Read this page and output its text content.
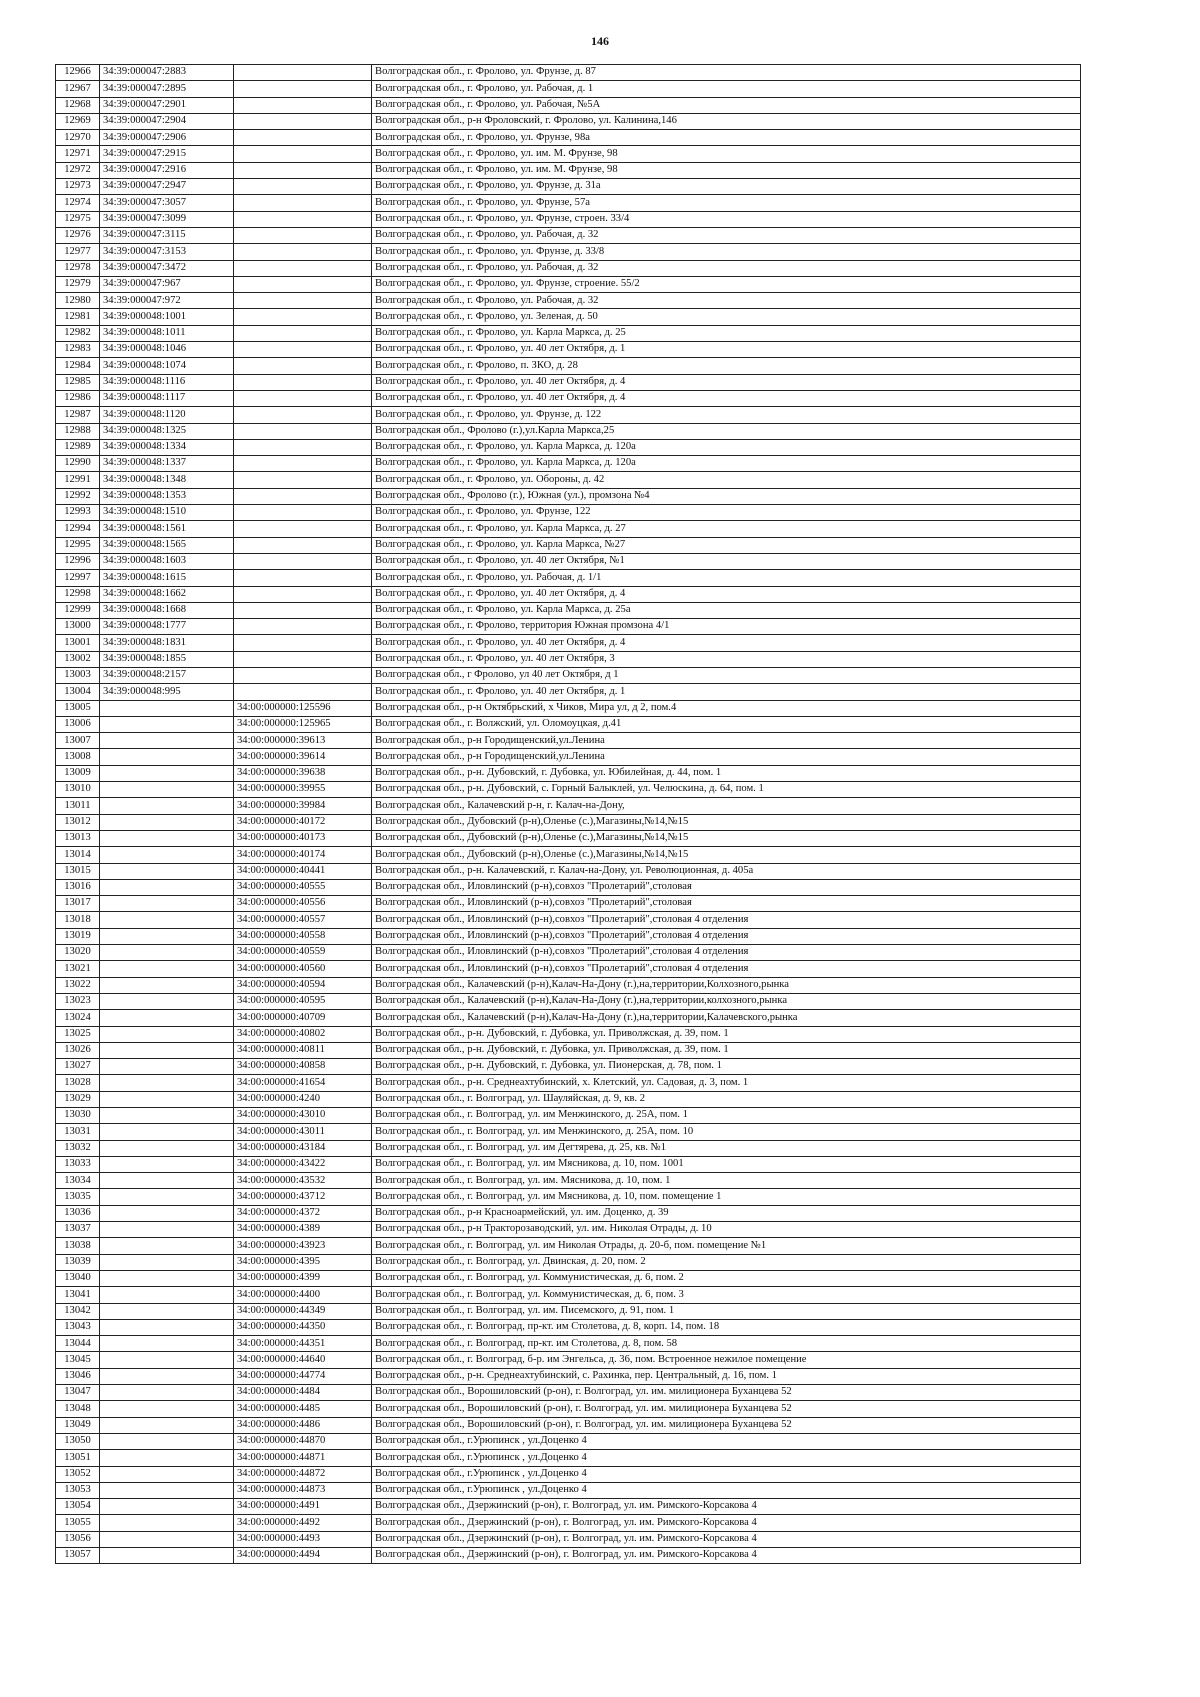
146
12966	34:39:000047:2883		Волгоградская обл., г. Фролово, ул. Фрунзе, д. 87
12967	34:39:000047:2895		Волгоградская обл., г. Фролово, ул. Рабочая, д. 1
12968	34:39:000047:2901		Волгоградская обл., г. Фролово, ул. Рабочая, №5А
12969	34:39:000047:2904		Волгоградская обл., р-н Фроловский, г. Фролово, ул. Калинина,146
12970	34:39:000047:2906		Волгоградская обл., г. Фролово, ул. Фрунзе, 98а
12971	34:39:000047:2915		Волгоградская обл., г. Фролово, ул. им. М. Фрунзе, 98
12972	34:39:000047:2916		Волгоградская обл., г. Фролово, ул. им. М. Фрунзе, 98
12973	34:39:000047:2947		Волгоградская обл., г. Фролово, ул. Фрунзе, д. 31а
12974	34:39:000047:3057		Волгоградская обл., г. Фролово, ул. Фрунзе, 57а
12975	34:39:000047:3099		Волгоградская обл., г. Фролово, ул. Фрунзе, строен. 33/4
12976	34:39:000047:3115		Волгоградская обл., г. Фролово, ул. Рабочая, д. 32
12977	34:39:000047:3153		Волгоградская обл., г. Фролово, ул. Фрунзе, д. 33/8
12978	34:39:000047:3472		Волгоградская обл., г. Фролово, ул. Рабочая, д. 32
12979	34:39:000047:967		Волгоградская обл., г. Фролово, ул. Фрунзе, строение. 55/2
12980	34:39:000047:972		Волгоградская обл., г. Фролово, ул. Рабочая, д. 32
12981	34:39:000048:1001		Волгоградская обл., г. Фролово, ул. Зеленая, д. 50
12982	34:39:000048:1011		Волгоградская обл., г. Фролово, ул. Карла Маркса, д. 25
12983	34:39:000048:1046		Волгоградская обл., г. Фролово, ул. 40 лет Октября, д. 1
12984	34:39:000048:1074		Волгоградская обл., г. Фролово, п. ЗКО, д. 28
12985	34:39:000048:1116		Волгоградская обл., г. Фролово, ул. 40 лет Октября, д. 4
12986	34:39:000048:1117		Волгоградская обл., г. Фролово, ул. 40 лет Октября, д. 4
12987	34:39:000048:1120		Волгоградская обл., г. Фролово, ул. Фрунзе, д. 122
12988	34:39:000048:1325		Волгоградская обл., Фролово (г.),ул.Карла Маркса,25
12989	34:39:000048:1334		Волгоградская обл., г. Фролово, ул. Карла Маркса, д. 120а
12990	34:39:000048:1337		Волгоградская обл., г. Фролово, ул. Карла Маркса, д. 120а
12991	34:39:000048:1348		Волгоградская обл., г. Фролово, ул. Обороны, д. 42
12992	34:39:000048:1353		Волгоградская обл., Фролово (г.), Южная (ул.), промзона №4
12993	34:39:000048:1510		Волгоградская обл., г. Фролово, ул. Фрунзе, 122
12994	34:39:000048:1561		Волгоградская обл., г. Фролово, ул. Карла Маркса, д. 27
12995	34:39:000048:1565		Волгоградская обл., г. Фролово, ул. Карла Маркса, №27
12996	34:39:000048:1603		Волгоградская обл., г. Фролово, ул. 40 лет Октября, №1
12997	34:39:000048:1615		Волгоградская обл., г. Фролово, ул. Рабочая, д. 1/1
12998	34:39:000048:1662		Волгоградская обл., г. Фролово, ул. 40 лет Октября, д. 4
12999	34:39:000048:1668		Волгоградская обл., г. Фролово, ул. Карла Маркса, д. 25а
13000	34:39:000048:1777		Волгоградская обл., г. Фролово, территория Южная промзона 4/1
13001	34:39:000048:1831		Волгоградская обл., г. Фролово, ул. 40 лет Октября, д. 4
13002	34:39:000048:1855		Волгоградская обл., г. Фролово, ул. 40 лет Октября, 3
13003	34:39:000048:2157		Волгоградская обл., г Фролово, ул 40 лет Октября, д 1
13004	34:39:000048:995		Волгоградская обл., г. Фролово, ул. 40 лет Октября, д. 1
13005		34:00:000000:125596	Волгоградская обл., р-н Октябрьский, х Чиков, Мира ул, д 2, пом.4
13006		34:00:000000:125965	Волгоградская обл., г. Волжский, ул. Оломоуцкая, д.41
13007		34:00:000000:39613	Волгоградская обл., р-н Городищенский,ул.Ленина
13008		34:00:000000:39614	Волгоградская обл., р-н Городищенский,ул.Ленина
13009		34:00:000000:39638	Волгоградская обл., р-н. Дубовский, г. Дубовка, ул. Юбилейная, д. 44, пом. 1
13010		34:00:000000:39955	Волгоградская обл., р-н. Дубовский, с. Горный Балыклей, ул. Челюскина, д. 64, пом. 1
13011		34:00:000000:39984	Волгоградская обл., Калачевский р-н, г. Калач-на-Дону,
13012		34:00:000000:40172	Волгоградская обл., Дубовский (р-н),Оленье (с.),Магазины,№14,№15
13013		34:00:000000:40173	Волгоградская обл., Дубовский (р-н),Оленье (с.),Магазины,№14,№15
13014		34:00:000000:40174	Волгоградская обл., Дубовский (р-н),Оленье (с.),Магазины,№14,№15
13015		34:00:000000:40441	Волгоградская обл., р-н. Калачевский, г. Калач-на-Дону, ул. Революционная, д. 405а
13016		34:00:000000:40555	Волгоградская обл., Иловлинский (р-н),совхоз "Пролетарий",столовая
13017		34:00:000000:40556	Волгоградская обл., Иловлинский (р-н),совхоз "Пролетарий",столовая
13018		34:00:000000:40557	Волгоградская обл., Иловлинский (р-н),совхоз "Пролетарий",столовая 4 отделения
13019		34:00:000000:40558	Волгоградская обл., Иловлинский (р-н),совхоз "Пролетарий",столовая 4 отделения
13020		34:00:000000:40559	Волгоградская обл., Иловлинский (р-н),совхоз "Пролетарий",столовая 4 отделения
13021		34:00:000000:40560	Волгоградская обл., Иловлинский (р-н),совхоз "Пролетарий",столовая 4 отделения
13022		34:00:000000:40594	Волгоградская обл., Калачевский (р-н),Калач-На-Дону (г.),на,территории,Колхозного,рынка
13023		34:00:000000:40595	Волгоградская обл., Калачевский (р-н),Калач-На-Дону (г.),на,территории,колхозного,рынка
13024		34:00:000000:40709	Волгоградская обл., Калачевский (р-н),Калач-На-Дону (г.),на,территории,Калачевского,рынка
13025		34:00:000000:40802	Волгоградская обл., р-н. Дубовский, г. Дубовка, ул. Приволжская, д. 39, пом. 1
13026		34:00:000000:40811	Волгоградская обл., р-н. Дубовский, г. Дубовка, ул. Приволжская, д. 39, пом. 1
13027		34:00:000000:40858	Волгоградская обл., р-н. Дубовский, г. Дубовка, ул. Пионерская, д. 78, пом. 1
13028		34:00:000000:41654	Волгоградская обл., р-н. Среднеахтубинский, х. Клетский, ул. Садовая, д. 3, пом. 1
13029		34:00:000000:4240	Волгоградская обл., г. Волгоград, ул. Шауляйская, д. 9, кв. 2
13030		34:00:000000:43010	Волгоградская обл., г. Волгоград, ул. им Менжинского, д. 25А, пом. 1
13031		34:00:000000:43011	Волгоградская обл., г. Волгоград, ул. им Менжинского, д. 25А, пом. 10
13032		34:00:000000:43184	Волгоградская обл., г. Волгоград, ул. им Дегтярева, д. 25, кв. №1
13033		34:00:000000:43422	Волгоградская обл., г. Волгоград, ул. им Мясникова, д. 10, пом. 1001
13034		34:00:000000:43532	Волгоградская обл., г. Волгоград, ул. им. Мясникова, д. 10, пом. 1
13035		34:00:000000:43712	Волгоградская обл., г. Волгоград, ул. им Мясникова, д. 10, пом. помещение 1
13036		34:00:000000:4372	Волгоградская обл., р-н Красноармейский, ул. им. Доценко, д. 39
13037		34:00:000000:4389	Волгоградская обл., р-н Тракторозаводский, ул. им. Николая Отрады, д. 10
13038		34:00:000000:43923	Волгоградская обл., г. Волгоград, ул. им Николая Отрады, д. 20-б, пом. помещение №1
13039		34:00:000000:4395	Волгоградская обл., г. Волгоград, ул. Двинская, д. 20, пом. 2
13040		34:00:000000:4399	Волгоградская обл., г. Волгоград, ул. Коммунистическая, д. 6, пом. 2
13041		34:00:000000:4400	Волгоградская обл., г. Волгоград, ул. Коммунистическая, д. 6, пом. 3
13042		34:00:000000:44349	Волгоградская обл., г. Волгоград, ул. им. Писемского, д. 91, пом. 1
13043		34:00:000000:44350	Волгоградская обл., г. Волгоград, пр-кт. им Столетова, д. 8, корп. 14, пом. 18
13044		34:00:000000:44351	Волгоградская обл., г. Волгоград, пр-кт. им Столетова, д. 8, пом. 58
13045		34:00:000000:44640	Волгоградская обл., г. Волгоград, б-р. им Энгельса, д. 36, пом. Встроенное нежилое помещение
13046		34:00:000000:44774	Волгоградская обл., р-н. Среднеахтубинский, с. Рахинка, пер. Центральный, д. 16, пом. 1
13047		34:00:000000:4484	Волгоградская обл., Ворошиловский (р-он), г. Волгоград, ул. им. милиционера Буханцева 52
13048		34:00:000000:4485	Волгоградская обл., Ворошиловский (р-он), г. Волгоград, ул. им. милиционера Буханцева 52
13049		34:00:000000:4486	Волгоградская обл., Ворошиловский (р-он), г. Волгоград, ул. им. милиционера Буханцева 52
13050		34:00:000000:44870	Волгоградская обл., г.Урюпинск , ул.Доценко 4
13051		34:00:000000:44871	Волгоградская обл., г.Урюпинск , ул.Доценко 4
13052		34:00:000000:44872	Волгоградская обл., г.Урюпинск , ул.Доценко 4
13053		34:00:000000:44873	Волгоградская обл., г.Урюпинск , ул.Доценко 4
13054		34:00:000000:4491	Волгоградская обл., Дзержинский (р-он), г. Волгоград, ул. им. Римского-Корсакова 4
13055		34:00:000000:4492	Волгоградская обл., Дзержинский (р-он), г. Волгоград, ул. им. Римского-Корсакова 4
13056		34:00:000000:4493	Волгоградская обл., Дзержинский (р-он), г. Волгоград, ул. им. Римского-Корсакова 4
13057		34:00:000000:4494	Волгоградская обл., Дзержинский (р-он), г. Волгоград, ул. им. Римского-Корсакова 4
